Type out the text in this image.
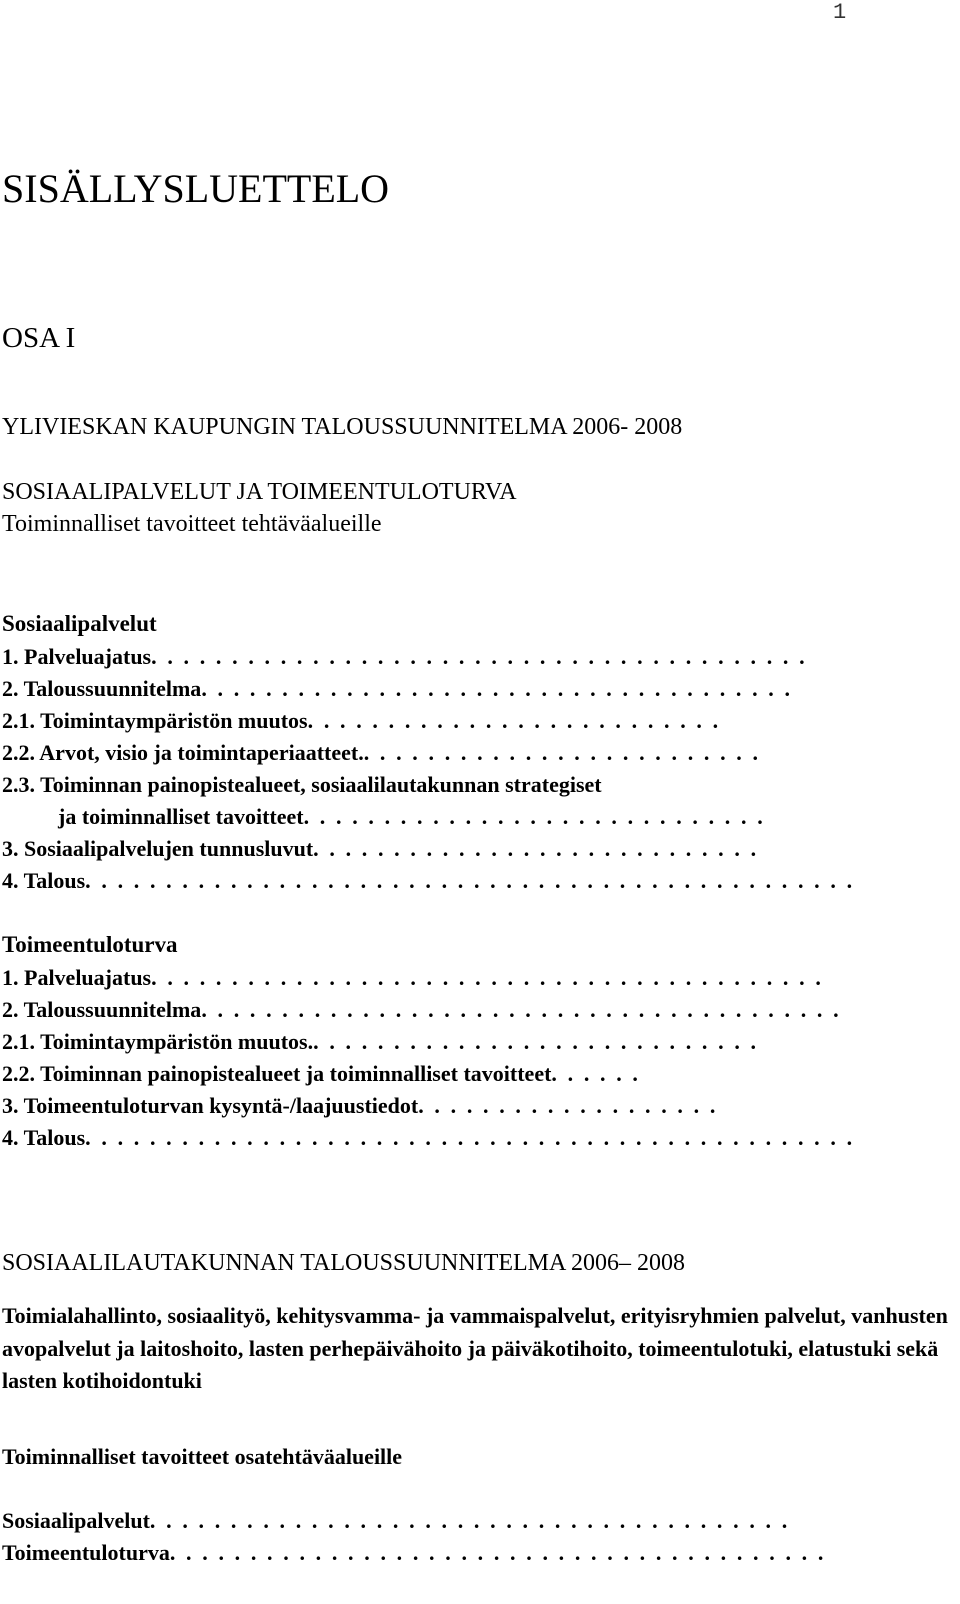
1
SISÄLLYSLUETTELO
OSA I
YLIVIESKAN KAUPUNGIN TALOUSSUUNNITELMA 2006- 2008
SOSIAALIPALVELUT JA TOIMEENTULOTURVA
Toiminnalliset tavoitteet tehtäväalueille
Sosiaalipalvelut
1. Palveluajatus. . . . . . . . . . . . . . . . . . . . . . . . . . . . . . . . . . . . . . . . .
2. Taloussuunnitelma. . . . . . . . . . . . . . . . . . . . . . . . . . . . . . . . . . . . .
2.1. Toimintaympäristön muutos. . . . . . . . . . . . . . . . . . . . . . . . . .
2.2. Arvot, visio ja toimintaperiaatteet.. . . . . . . . . . . . . . . . . . . . . . . . .
2.3. Toiminnan painopistealueet, sosiaalilautakunnan strategiset
ja toiminnalliset tavoitteet. . . . . . . . . . . . . . . . . . . . . . . . . . . . .
3. Sosiaalipalvelujen tunnusluvut. . . . . . . . . . . . . . . . . . . . . . . . . . . .
4. Talous. . . . . . . . . . . . . . . . . . . . . . . . . . . . . . . . . . . . . . . . . . . . . . . .
Toimeentuloturva
1. Palveluajatus. . . . . . . . . . . . . . . . . . . . . . . . . . . . . . . . . . . . . . . . . .
2. Taloussuunnitelma. . . . . . . . . . . . . . . . . . . . . . . . . . . . . . . . . . . . . . . .
2.1. Toimintaympäristön muutos.. . . . . . . . . . . . . . . . . . . . . . . . . . . .
2.2. Toiminnan painopistealueet ja toiminnalliset tavoitteet. . . . . .
3. Toimeentuloturvan kysyntä-/laajuustiedot. . . . . . . . . . . . . . . . . . .
4. Talous. . . . . . . . . . . . . . . . . . . . . . . . . . . . . . . . . . . . . . . . . . . . . . . .
SOSIAALILAUTAKUNNAN TALOUSSUUNNITELMA 2006– 2008
Toimialahallinto, sosiaalityö, kehitysvamma- ja vammaispalvelut, erityisryhmien palvelut, vanhusten avopalvelut ja laitoshoito, lasten perhepäivähoito ja päiväkotihoito, toimeentulotuki, elatustuki sekä lasten kotihoidontuki
Toiminnalliset tavoitteet osatehtäväalueille
Sosiaalipalvelut. . . . . . . . . . . . . . . . . . . . . . . . . . . . . . . . . . . . . . . .
Toimeentuloturva. . . . . . . . . . . . . . . . . . . . . . . . . . . . . . . . . . . . . . . . .
